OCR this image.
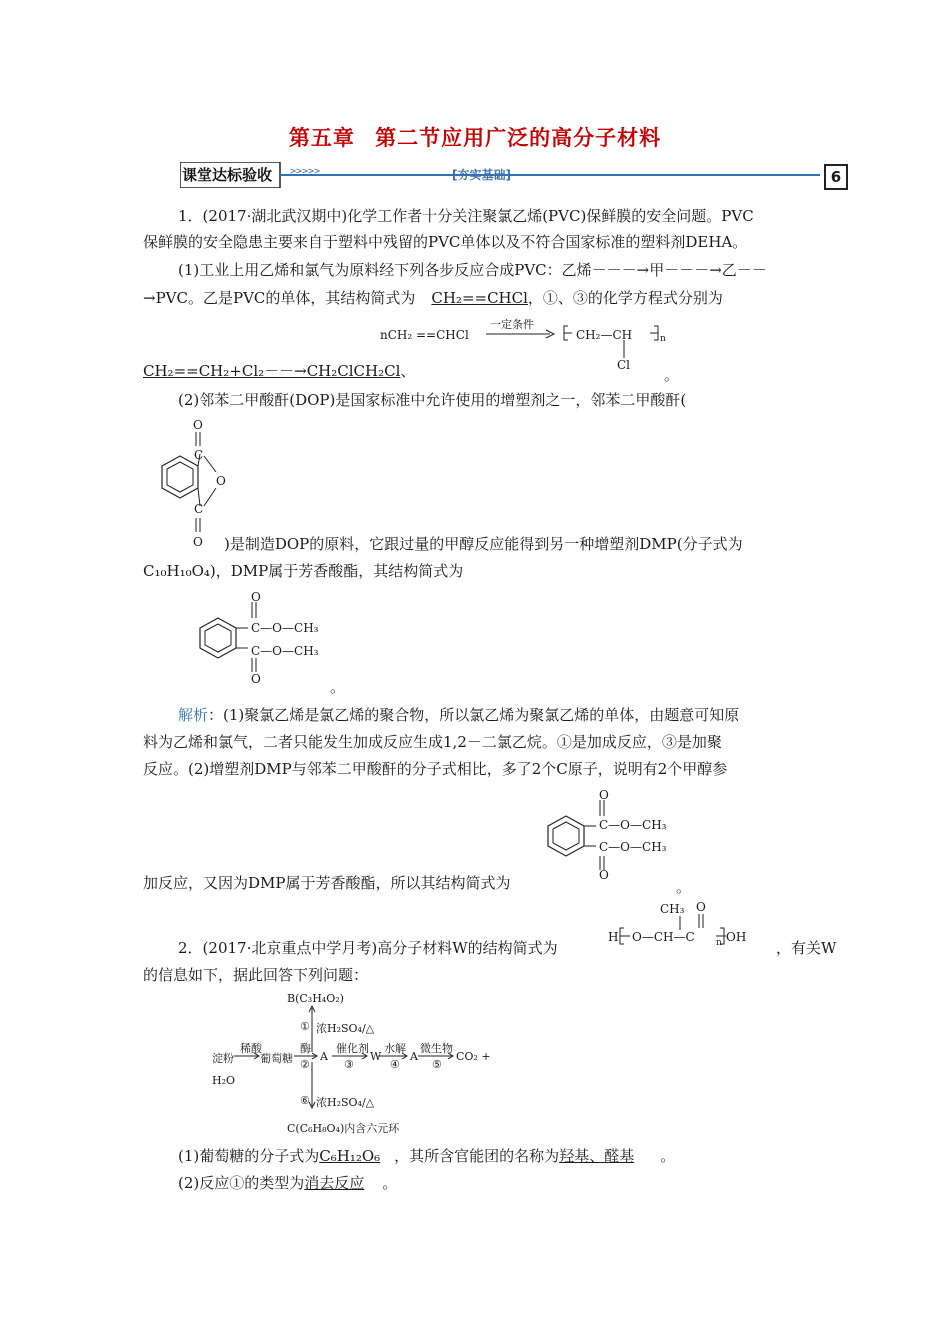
第五章 第二节应用广泛的高分子材料
课堂达标验收 >>>>>	[夯实基础]	6
1．(2017·湖北武汉期中)化学工作者十分关注聚氯乙烯(PVC)保鲜膜的安全问题。PVC
保鲜膜的安全隐患主要来自于塑料中残留的PVC单体以及不符合国家标准的塑料剂DEHA。
(1)工业上用乙烯和氯气为原料经下列各步反应合成PVC：乙烯－－－→甲－－－→乙－－
→PVC。乙是PVC的单体，其结构简式为 CH₂==CHCl，①、③的化学方程式分别为
nCH₂ ==CHCl
一定条件
CH₂—CH	n
Cl
CH₂==CH₂+Cl₂－－→CH₂ClCH₂Cl、	。
(2)邻苯二甲酸酐(DOP)是国家标准中允许使用的增塑剂之一，邻苯二甲酸酐(
O
C
O
C
O )是制造DOP的原料，它跟过量的甲醇反应能得到另一种增塑剂DMP(分子式为
C₁₀H₁₀O₄)，DMP属于芳香酸酯，其结构简式为
O
C—O—CH₃
C—O—CH₃
O	。
解析：(1)聚氯乙烯是氯乙烯的聚合物，所以氯乙烯为聚氯乙烯的单体，由题意可知原
料为乙烯和氯气，二者只能发生加成反应生成1,2－二氯乙烷。①是加成反应，③是加聚
反应。(2)增塑剂DMP与邻苯二甲酸酐的分子式相比，多了2个C原子，说明有2个甲醇参
O
C—O—CH₃
C—O—CH₃
O
加反应，又因为DMP属于芳香酸酯，所以其结构简式为	。
2．(2017·北京重点中学月考)高分子材料W的结构简式为
H O—CH—C
CH₃ O
n OH
，有关W
的信息如下，据此回答下列问题：
B(C₃H₄O₂)
① 浓H₂SO₄/△
淀粉
稀酸
葡萄糖
酶
②
A
催化剂
③
W
水解
④
A
微生物
⑤
CO₂ +
H₂O
⑥ 浓H₂SO₄/△
C(C₆H₈O₄)内含六元环
(1)葡萄糖的分子式为C₆H₁₂O₆ ，其所含官能团的名称为羟基、醛基 。
(2)反应①的类型为消去反应 。
